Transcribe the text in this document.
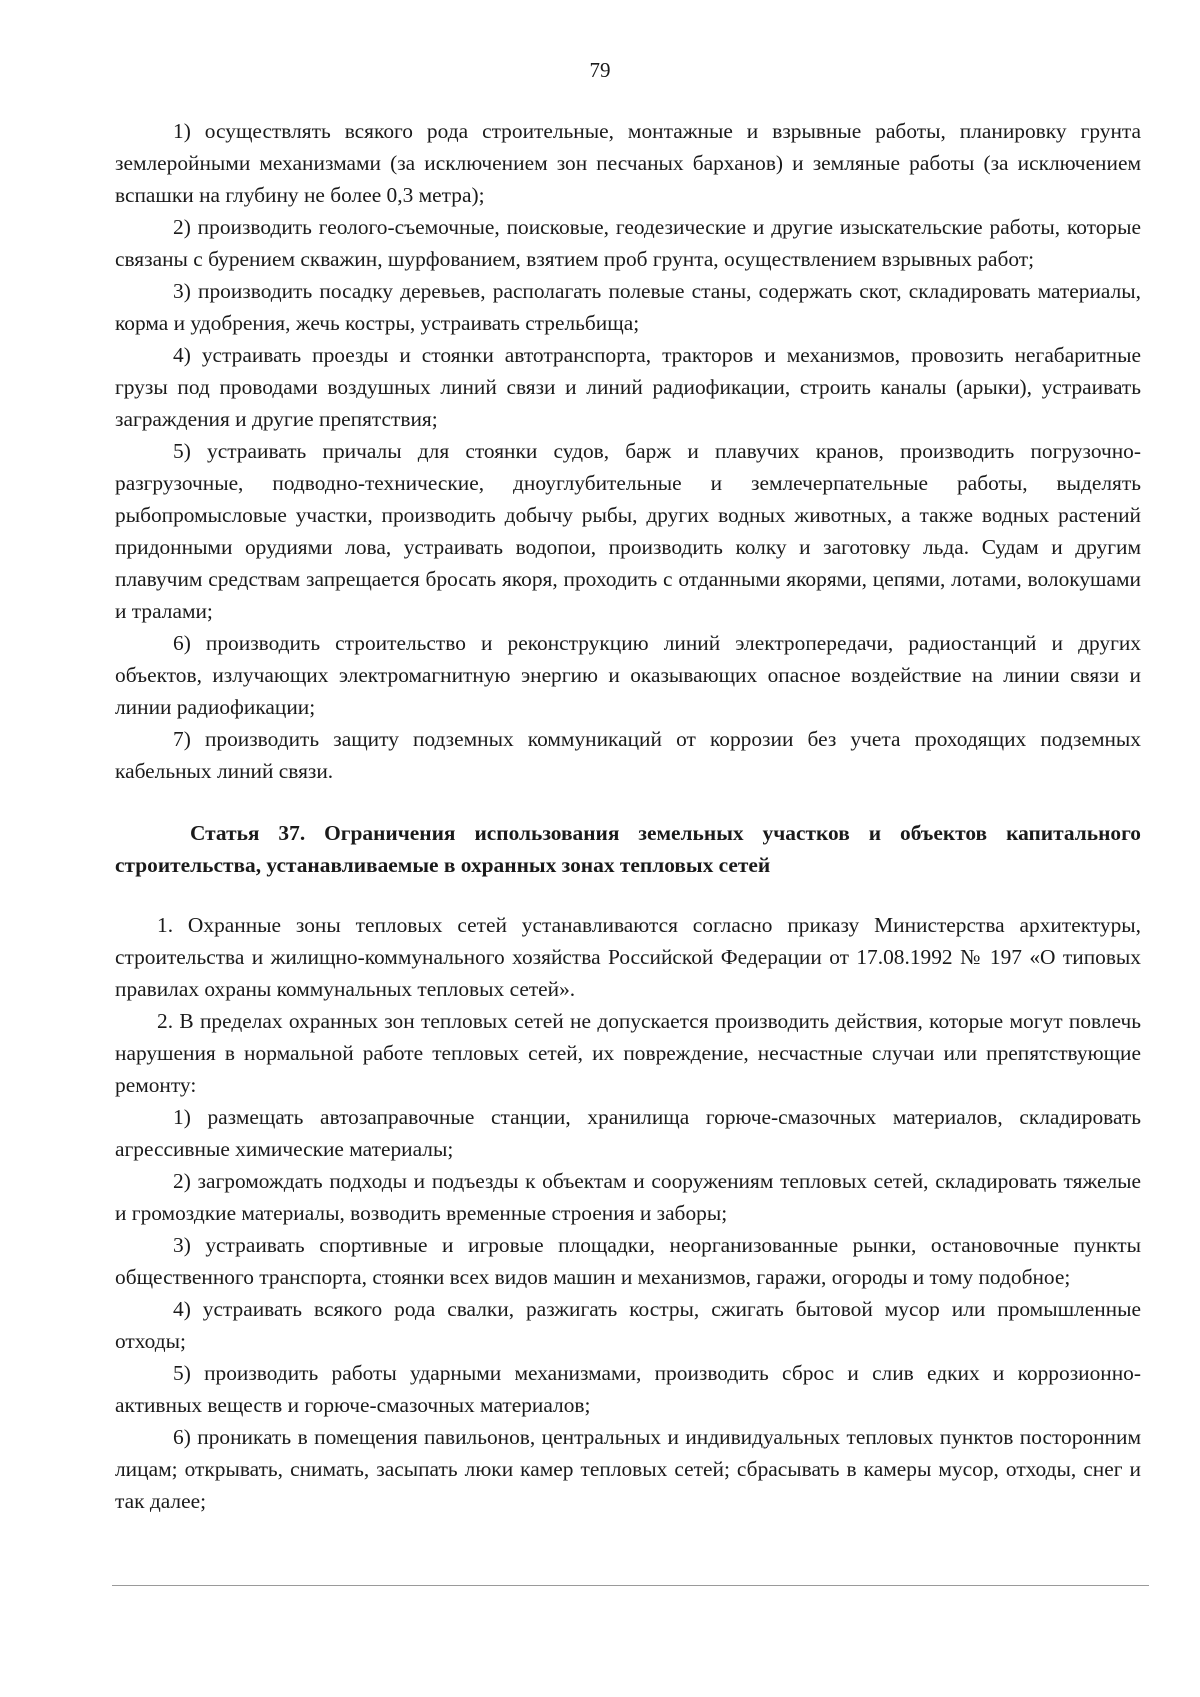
79

1) осуществлять всякого рода строительные, монтажные и взрывные работы, планировку грунта землеройными механизмами (за исключением зон песчаных барханов) и земляные работы (за исключением вспашки на глубину не более 0,3 метра);

2) производить геолого-съемочные, поисковые, геодезические и другие изыскательские работы, которые связаны с бурением скважин, шурфованием, взятием проб грунта, осуществлением взрывных работ;

3) производить посадку деревьев, располагать полевые станы, содержать скот, складировать материалы, корма и удобрения, жечь костры, устраивать стрельбища;

4) устраивать проезды и стоянки автотранспорта, тракторов и механизмов, провозить негабаритные грузы под проводами воздушных линий связи и линий радиофикации, строить каналы (арыки), устраивать заграждения и другие препятствия;

5) устраивать причалы для стоянки судов, барж и плавучих кранов, производить погрузочно-разгрузочные, подводно-технические, дноуглубительные и землечерпательные работы, выделять рыбопромысловые участки, производить добычу рыбы, других водных животных, а также водных растений придонными орудиями лова, устраивать водопои, производить колку и заготовку льда. Судам и другим плавучим средствам запрещается бросать якоря, проходить с отданными якорями, цепями, лотами, волокушами и тралами;

6) производить строительство и реконструкцию линий электропередачи, радиостанций и других объектов, излучающих электромагнитную энергию и оказывающих опасное воздействие на линии связи и линии радиофикации;

7) производить защиту подземных коммуникаций от коррозии без учета проходящих подземных кабельных линий связи.

Статья 37. Ограничения использования земельных участков и объектов капитального строительства, устанавливаемые в охранных зонах тепловых сетей

1. Охранные зоны тепловых сетей устанавливаются согласно приказу Министерства архитектуры, строительства и жилищно-коммунального хозяйства Российской Федерации от 17.08.1992 № 197 «О типовых правилах охраны коммунальных тепловых сетей».

2. В пределах охранных зон тепловых сетей не допускается производить действия, которые могут повлечь нарушения в нормальной работе тепловых сетей, их повреждение, несчастные случаи или препятствующие ремонту:

1) размещать автозаправочные станции, хранилища горюче-смазочных материалов, складировать агрессивные химические материалы;

2) загромождать подходы и подъезды к объектам и сооружениям тепловых сетей, складировать тяжелые и громоздкие материалы, возводить временные строения и заборы;

3) устраивать спортивные и игровые площадки, неорганизованные рынки, остановочные пункты общественного транспорта, стоянки всех видов машин и механизмов, гаражи, огороды и тому подобное;

4) устраивать всякого рода свалки, разжигать костры, сжигать бытовой мусор или промышленные отходы;

5) производить работы ударными механизмами, производить сброс и слив едких и коррозионно-активных веществ и горюче-смазочных материалов;

6) проникать в помещения павильонов, центральных и индивидуальных тепловых пунктов посторонним лицам; открывать, снимать, засыпать люки камер тепловых сетей; сбрасывать в камеры мусор, отходы, снег и так далее;
